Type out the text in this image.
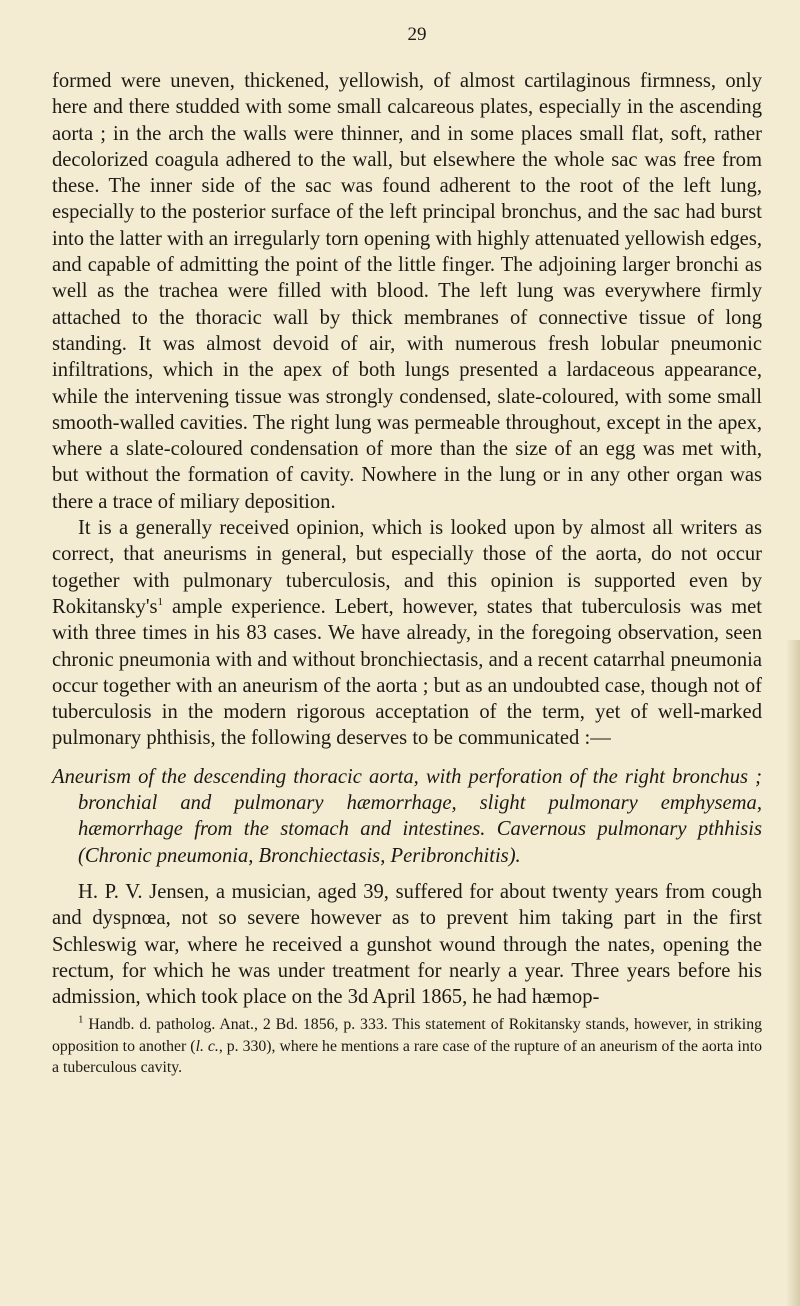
29

formed were uneven, thickened, yellowish, of almost cartilaginous firmness, only here and there studded with some small calcareous plates, especially in the ascending aorta ; in the arch the walls were thinner, and in some places small flat, soft, rather decolorized coagula adhered to the wall, but elsewhere the whole sac was free from these. The inner side of the sac was found adherent to the root of the left lung, especially to the posterior surface of the left principal bronchus, and the sac had burst into the latter with an irregularly torn opening with highly attenuated yellowish edges, and capable of admitting the point of the little finger. The adjoining larger bronchi as well as the trachea were filled with blood. The left lung was everywhere firmly attached to the thoracic wall by thick membranes of connective tissue of long standing. It was almost devoid of air, with numerous fresh lobular pneumonic infiltrations, which in the apex of both lungs presented a lardaceous appearance, while the intervening tissue was strongly condensed, slate-coloured, with some small smooth-walled cavities. The right lung was permeable throughout, except in the apex, where a slate-coloured condensation of more than the size of an egg was met with, but without the formation of cavity. Nowhere in the lung or in any other organ was there a trace of miliary deposition.

It is a generally received opinion, which is looked upon by almost all writers as correct, that aneurisms in general, but especially those of the aorta, do not occur together with pulmonary tuberculosis, and this opinion is supported even by $Rokitansky's^1$ ample experience. Lebert, however, states that tuberculosis was met with three times in his 83 cases. We have already, in the foregoing observation, seen chronic pneumonia with and without bronchiectasis, and a recent catarrhal pneumonia occur together with an aneurism of the aorta ; but as an undoubted case, though not of tuberculosis in the modern rigorous acceptation of the term, yet of well-marked pulmonary phthisis, the following deserves to be communicated :—

Aneurism of the descending thoracic aorta, with perforation of the right bronchus ; bronchial and pulmonary hæmorrhage, slight pulmonary emphysema, hæmorrhage from the stomach and intestines. Cavernous pulmonary pthhisis (Chronic pneumonia, Bronchiectasis, Peribronchitis).

H. P. V. Jensen, a musician, aged 39, suffered for about twenty years from cough and dyspnœa, not so severe however as to prevent him taking part in the first Schleswig war, where he received a gunshot wound through the nates, opening the rectum, for which he was under treatment for nearly a year. Three years before his admission, which took place on the 3d April 1865, he had hæmop-

$^1$ Handb. d. patholog. Anat., 2 Bd. 1856, p. 333. This statement of Rokitansky stands, however, in striking opposition to another (l. c., p. 330), where he mentions a rare case of the rupture of an aneurism of the aorta into a tuberculous cavity.
